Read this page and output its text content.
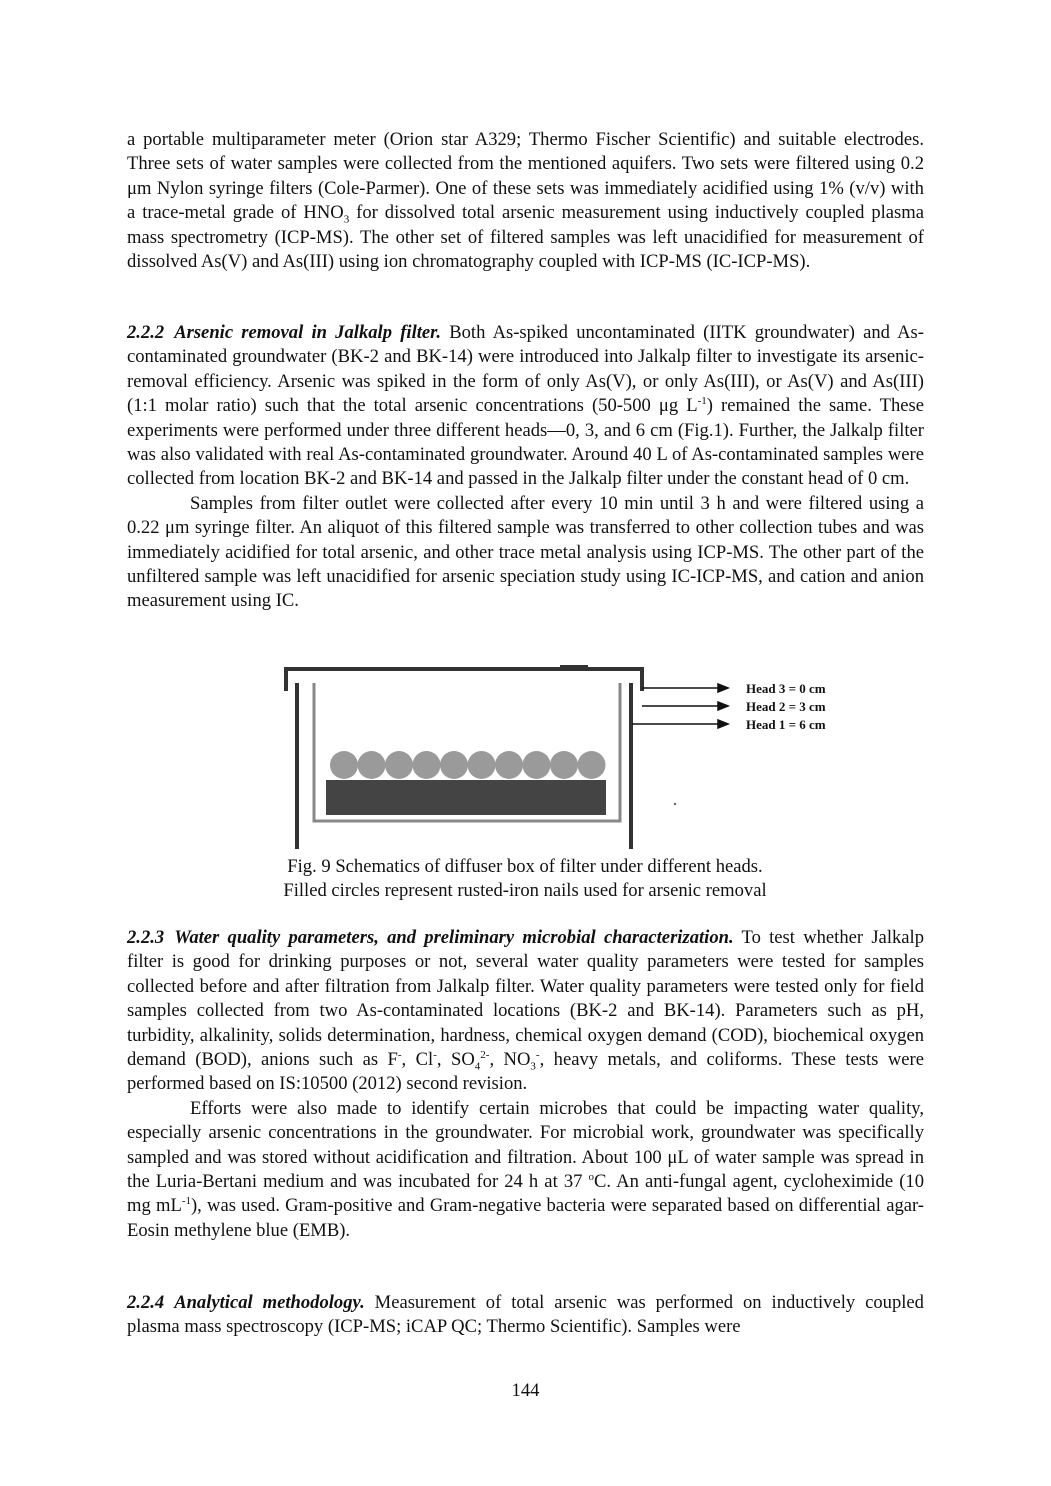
a portable multiparameter meter (Orion star A329; Thermo Fischer Scientific) and suitable electrodes. Three sets of water samples were collected from the mentioned aquifers. Two sets were filtered using 0.2 μm Nylon syringe filters (Cole-Parmer). One of these sets was immediately acidified using 1% (v/v) with a trace-metal grade of $HNO_3$ for dissolved total arsenic measurement using inductively coupled plasma mass spectrometry (ICP-MS). The other set of filtered samples was left unacidified for measurement of dissolved As(V) and As(III) using ion chromatography coupled with ICP-MS (IC-ICP-MS).

2.2.2 Arsenic removal in Jalkalp filter. Both As-spiked uncontaminated (IITK groundwater) and As-contaminated groundwater (BK-2 and BK-14) were introduced into Jalkalp filter to investigate its arsenic-removal efficiency. Arsenic was spiked in the form of only As(V), or only As(III), or As(V) and As(III) (1:1 molar ratio) such that the total arsenic concentrations (50-500 μg $L^{-1}$) remained the same. These experiments were performed under three different heads—0, 3, and 6 cm (Fig.1). Further, the Jalkalp filter was also validated with real As-contaminated groundwater. Around 40 L of As-contaminated samples were collected from location BK-2 and BK-14 and passed in the Jalkalp filter under the constant head of 0 cm.

Samples from filter outlet were collected after every 10 min until 3 h and were filtered using a 0.22 μm syringe filter. An aliquot of this filtered sample was transferred to other collection tubes and was immediately acidified for total arsenic, and other trace metal analysis using ICP-MS. The other part of the unfiltered sample was left unacidified for arsenic speciation study using IC-ICP-MS, and cation and anion measurement using IC.

Head 3 = 0 cm
Head 2 = 3 cm
Head 1 = 6 cm
Fig. 9 Schematics of diffuser box of filter under different heads.
Filled circles represent rusted-iron nails used for arsenic removal

2.2.3 Water quality parameters, and preliminary microbial characterization. To test whether Jalkalp filter is good for drinking purposes or not, several water quality parameters were tested for samples collected before and after filtration from Jalkalp filter. Water quality parameters were tested only for field samples collected from two As-contaminated locations (BK-2 and BK-14). Parameters such as pH, turbidity, alkalinity, solids determination, hardness, chemical oxygen demand (COD), biochemical oxygen demand (BOD), anions such as F-, Cl-, $SO_4^{2-}$, $NO_3^-$, heavy metals, and coliforms. These tests were performed based on IS:10500 (2012) second revision.

Efforts were also made to identify certain microbes that could be impacting water quality, especially arsenic concentrations in the groundwater. For microbial work, groundwater was specifically sampled and was stored without acidification and filtration. About 100 μL of water sample was spread in the Luria-Bertani medium and was incubated for 24 h at 37 $^o$C. An anti-fungal agent, cycloheximide (10 mg $mL^{-1}$), was used. Gram-positive and Gram-negative bacteria were separated based on differential agar-Eosin methylene blue (EMB).

2.2.4 Analytical methodology. Measurement of total arsenic was performed on inductively coupled plasma mass spectroscopy (ICP-MS; iCAP QC; Thermo Scientific). Samples were

144
